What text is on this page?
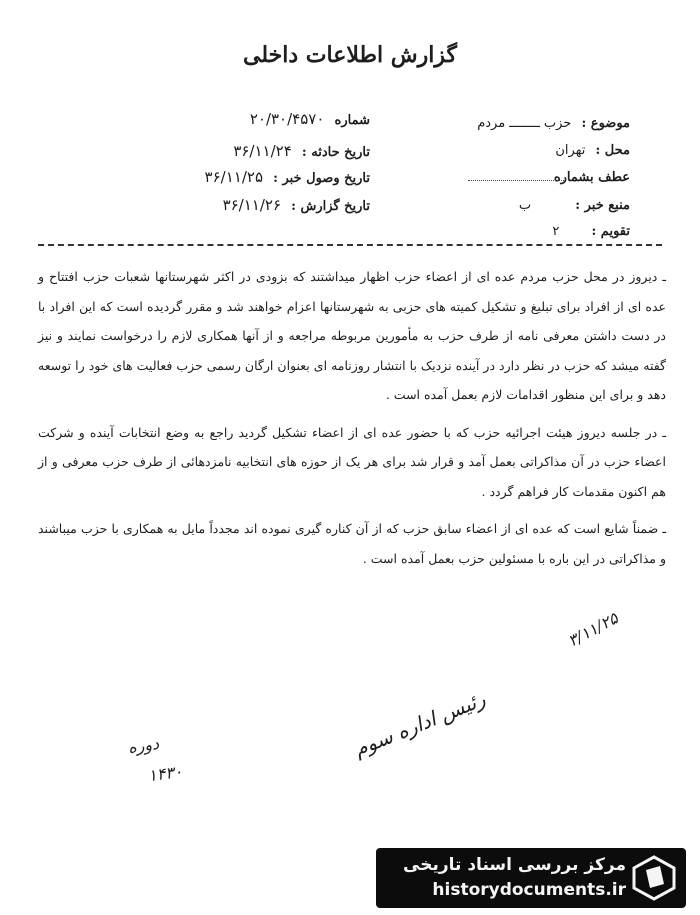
گزارش اطلاعات داخلی
موضوع : حزب ــــــــ مردم
محل : تهران
عطف بشماره
منبع خبر : ب
تقویم : ۲
شماره ۲۰/۳۰/۴۵۷۰
تاریخ حادثه : ۳۶/۱۱/۲۴
تاریخ وصول خبر : ۳۶/۱۱/۲۵
تاریخ گزارش : ۳۶/۱۱/۲۶

ـ دیروز در محل حزب مردم عده ای از اعضاء حزب اظهار میداشتند که بزودی در اکثر شهرستانها شعبات حزب افتتاح و عده ای از افراد برای تبلیغ و تشکیل کمیته های حزبی به شهرستانها اعزام خواهند شد و مقرر گردیده است که این افراد با در دست داشتن معرفی نامه از طرف حزب به مأمورین مربوطه مراجعه و از آنها همکاری لازم را درخواست نمایند و نیز گفته میشد که حزب در نظر دارد در آینده نزدیک با انتشار روزنامه ای بعنوان ارگان رسمی حزب فعالیت های خود را توسعه دهد و برای این منظور اقدامات لازم بعمل آمده است .

ـ در جلسه دیروز هیئت اجرائیه حزب که با حضور عده ای از اعضاء تشکیل گردید راجع به وضع انتخابات آینده و شرکت اعضاء حزب در آن مذاکراتی بعمل آمد و قرار شد برای هر یک از حوزه های انتخابیه نامزدهائی از طرف حزب معرفی و از هم اکنون مقدمات کار فراهم گردد .

ـ ضمناً شایع است که عده ای از اعضاء سابق حزب که از آن کناره گیری نموده اند مجدداً مایل به همکاری با حزب میباشند و مذاکراتی در این باره با مسئولین حزب بعمل آمده است .

۳/۱۱/۲۵
رئیس اداره سوم
دوره
۱۴۳۰
مرکز بررسی اسناد تاریخی
historydocuments.ir
